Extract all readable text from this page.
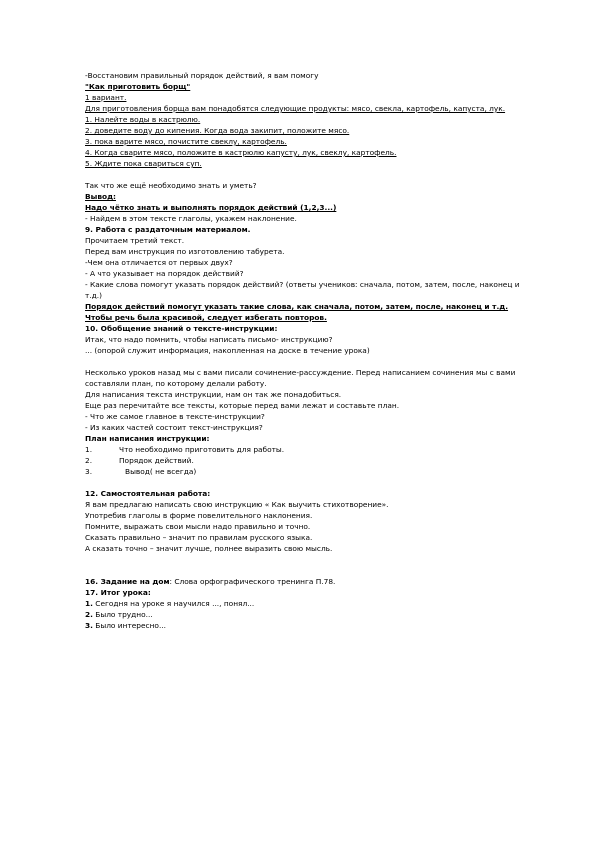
-Восстановим правильный порядок действий, я вам помогу

"Как приготовить борщ"

1 вариант.

Для приготовления борща вам понадобятся следующие продукты: мясо, свекла, картофель, капуста, лук.

1. Налейте воды в кастрюлю.

2. доведите воду до кипения. Когда вода закипит, положите мясо.

3. пока варите мясо, почистите свеклу, картофель.

4. Когда сварите мясо, положите в кастрюлю капусту, лук, свеклу, картофель.

5. Ждите пока свариться суп.

Так что же ещё необходимо знать и уметь?

Вывод:

Надо чётко знать и выполнять порядок действий (1,2,3...)

- Найдем в этом тексте глаголы, укажем наклонение.

9. Работа с раздаточным материалом.

Прочитаем третий текст.

Перед вам инструкция по изготовлению табурета.

-Чем она отличается от первых двух?

- А что указывает на порядок действий?

- Какие слова помогут указать порядок действий? (ответы учеников: сначала, потом, затем, после, наконец и т.д.)

Порядок действий помогут указать такие слова, как сначала, потом, затем, после, наконец и т.д. Чтобы речь была красивой, следует избегать повторов.

10. Обобщение знаний о тексте-инструкции:

Итак, что надо помнить, чтобы написать письмо- инструкцию?

... (опорой служит информация, накопленная на доске в течение урока)

Несколько уроков назад мы с вами писали сочинение-рассуждение. Перед написанием сочинения мы с вами составляли план, по которому делали работу.

Для написания текста инструкции, нам он так же понадобиться.

Еще раз перечитайте все тексты, которые перед вами лежат и составьте план.

- Что же самое главное в тексте-инструкции?

- Из каких частей состоит текст-инструкция?

План написания инструкции:

1.	Что необходимо приготовить для работы.

2.	Порядок действий.

3.	Вывод( не всегда)

12. Самостоятельная работа:

Я вам предлагаю написать свою инструкцию « Как выучить стихотворение».

Употребив глаголы в форме повелительного наклонения.

Помните, выражать свои мысли надо правильно и точно.

Сказать правильно – значит по правилам русского языка.

А сказать точно – значит лучше, полнее выразить свою мысль.

16. Задание на дом: Слова орфографического тренинга П.78.

17. Итог урока:

1. Сегодня на уроке я научился ..., понял...

2. Было трудно...

3. Было интересно...
